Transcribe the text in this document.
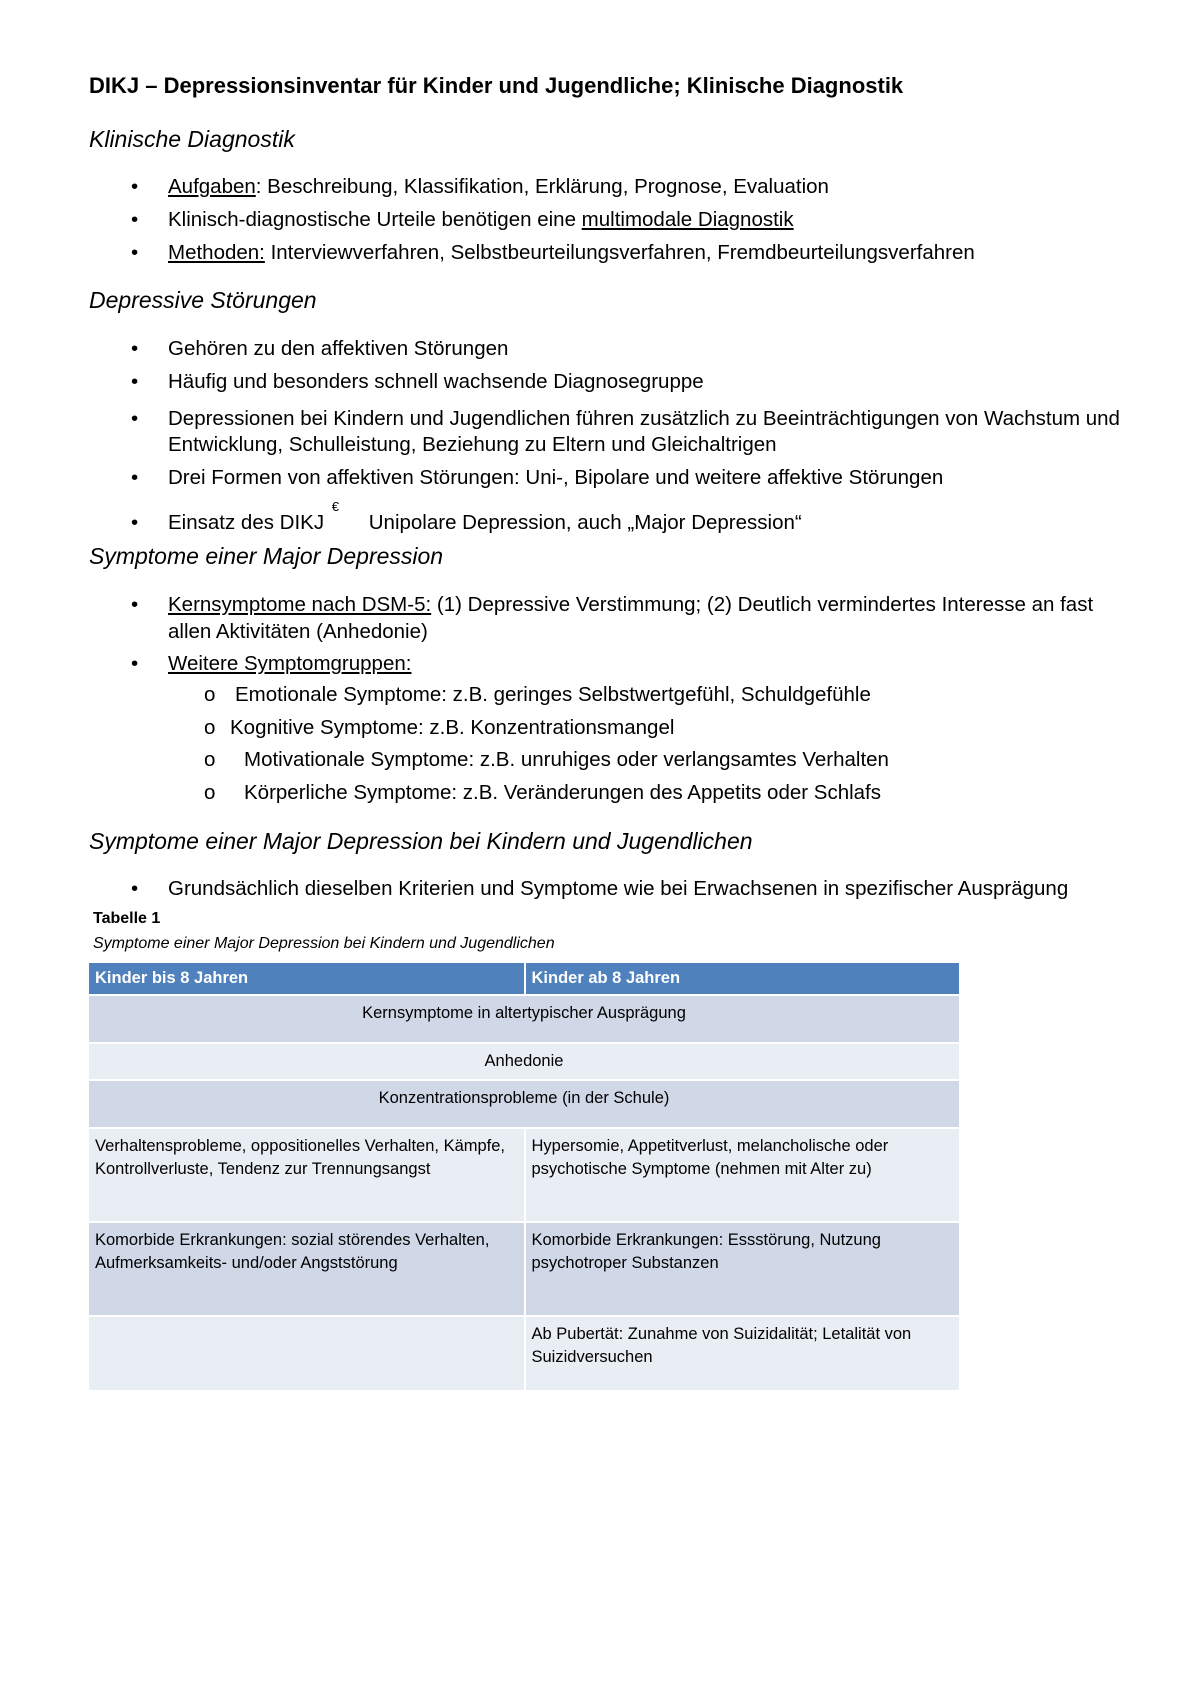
DIKJ – Depressionsinventar für Kinder und Jugendliche; Klinische Diagnostik
Klinische Diagnostik
• Aufgaben: Beschreibung, Klassifikation, Erklärung, Prognose, Evaluation
• Klinisch-diagnostische Urteile benötigen eine multimodale Diagnostik
• Methoden: Interviewverfahren, Selbstbeurteilungsverfahren, Fremdbeurteilungsverfahren
Depressive Störungen
• Gehören zu den affektiven Störungen
• Häufig und besonders schnell wachsende Diagnosegruppe
• Depressionen bei Kindern und Jugendlichen führen zusätzlich zu Beeinträchtigungen von Wachstum und Entwicklung, Schulleistung, Beziehung zu Eltern und Gleichaltrigen
• Drei Formen von affektiven Störungen: Uni-, Bipolare und weitere affektive Störungen
• Einsatz des DIKJ € Unipolare Depression, auch „Major Depression“
Symptome einer Major Depression
• Kernsymptome nach DSM-5: (1) Depressive Verstimmung; (2) Deutlich vermindertes Interesse an fast allen Aktivitäten (Anhedonie)
• Weitere Symptomgruppen:
o Emotionale Symptome: z.B. geringes Selbstwertgefühl, Schuldgefühle
o Kognitive Symptome: z.B. Konzentrationsmangel
o Motivationale Symptome: z.B. unruhiges oder verlangsamtes Verhalten
o Körperliche Symptome: z.B. Veränderungen des Appetits oder Schlafs
Symptome einer Major Depression bei Kindern und Jugendlichen
• Grundsächlich dieselben Kriterien und Symptome wie bei Erwachsenen in spezifischer Ausprägung
Tabelle 1
Symptome einer Major Depression bei Kindern und Jugendlichen
Kinder bis 8 Jahren	Kinder ab 8 Jahren
Kernsymptome in altertypischer Ausprägung	
Anhedonie	
Konzentrationsprobleme (in der Schule)	
Verhaltensprobleme, oppositionelles Verhalten, Kämpfe, Kontrollverluste, Tendenz zur Trennungsangst	Hypersomie, Appetitverlust, melancholische oder psychotische Symptome (nehmen mit Alter zu)
Komorbide Erkrankungen: sozial störendes Verhalten, Aufmerksamkeits- und/oder Angststörung	Komorbide Erkrankungen: Essstörung, Nutzung psychotroper Substanzen
	Ab Pubertät: Zunahme von Suizidalität; Letalität von Suizidversuchen
